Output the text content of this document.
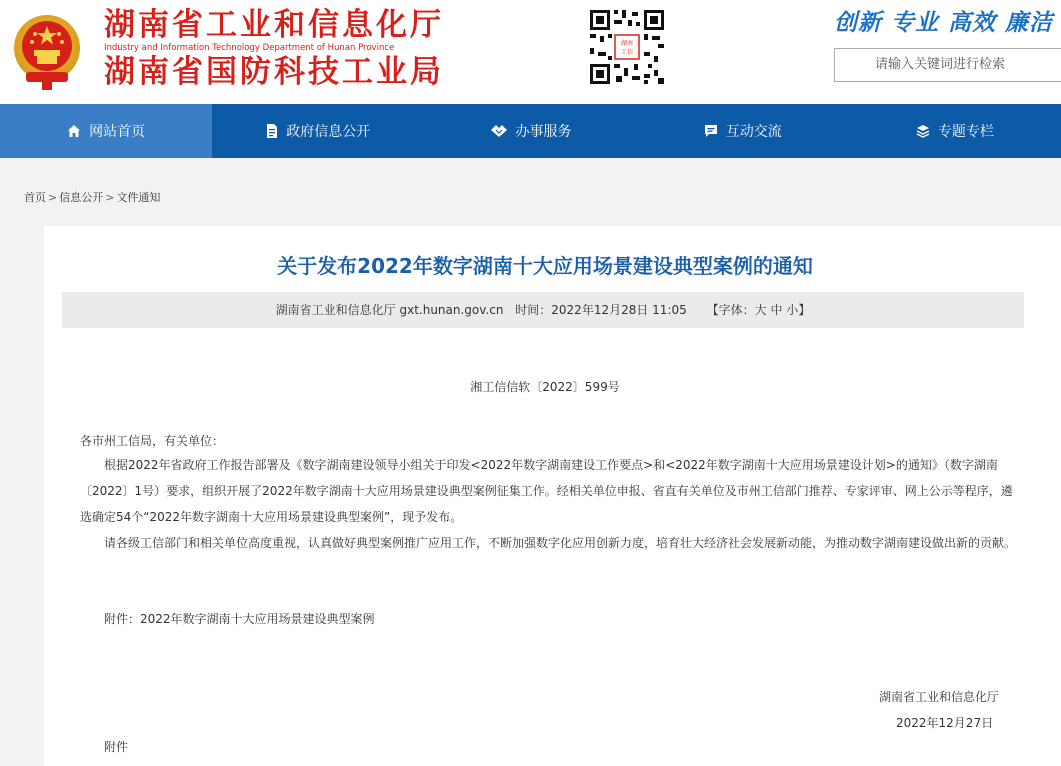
湖南省工业和信息化厅
Industry and Information Technology Department of Hunan Province
湖南省国防科技工业局
湖南
工信
创新 专业 高效 廉洁
请输入关键词进行检索
网站首页	政府信息公开	办事服务	互动交流	专题专栏
首页 > 信息公开 > 文件通知
关于发布2022年数字湖南十大应用场景建设典型案例的通知
湖南省工业和信息化厅 gxt.hunan.gov.cn 时间：2022年12月28日 11:05 【字体：大 中 小】
湘工信信软〔2022〕599号
各市州工信局，有关单位：

根据2022年省政府工作报告部署及《数字湖南建设领导小组关于印发<2022年数字湖南建设工作要点>和<2022年数字湖南十大应用场景建设计划>的通知》（数字湖南〔2022〕1号）要求，组织开展了2022年数字湖南十大应用场景建设典型案例征集工作。经相关单位申报、省直有关单位及市州工信部门推荐、专家评审、网上公示等程序，遴选确定54个“2022年数字湖南十大应用场景建设典型案例”，现予发布。

请各级工信部门和相关单位高度重视，认真做好典型案例推广应用工作，不断加强数字化应用创新力度，培育壮大经济社会发展新动能，为推动数字湖南建设做出新的贡献。

附件：2022年数字湖南十大应用场景建设典型案例
湖南省工业和信息化厅
2022年12月27日
附件
